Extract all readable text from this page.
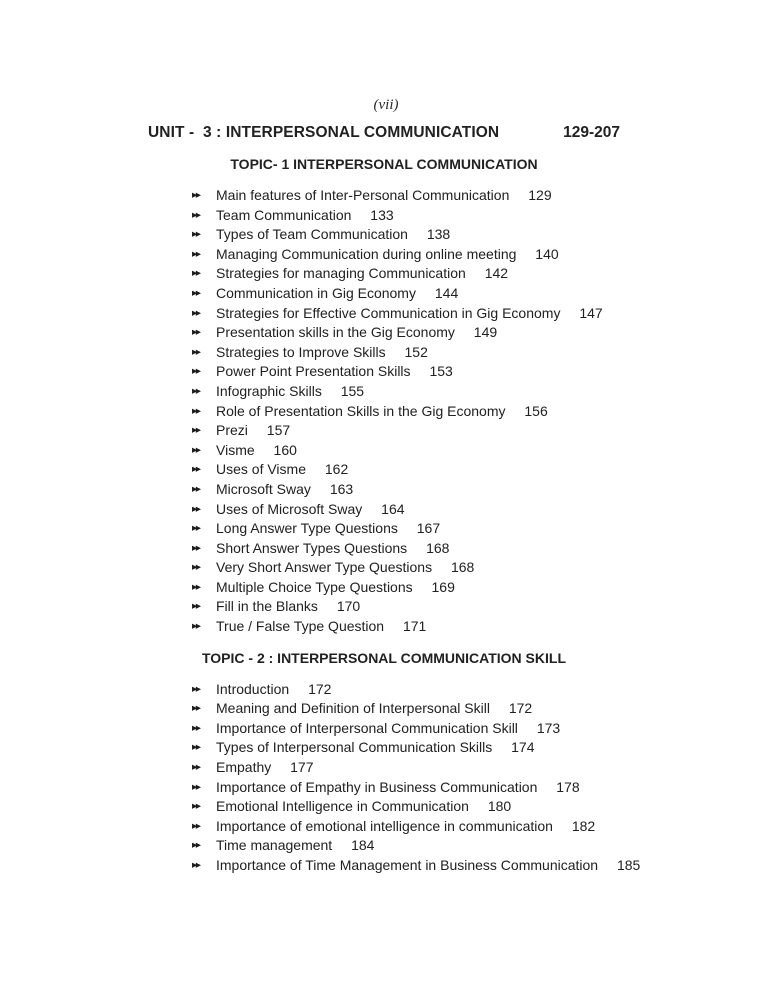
(vii)
UNIT -  3 : INTERPERSONAL COMMUNICATION	129-207
TOPIC- 1 INTERPERSONAL COMMUNICATION
▸▸ Main features of Inter-Personal Communication 129
▸▸ Team Communication 133
▸▸ Types of Team Communication 138
▸▸ Managing Communication during online meeting 140
▸▸ Strategies for managing Communication 142
▸▸ Communication in Gig Economy 144
▸▸ Strategies for Effective Communication in Gig Economy 147
▸▸ Presentation skills in the Gig Economy 149
▸▸ Strategies to Improve Skills 152
▸▸ Power Point Presentation Skills 153
▸▸ Infographic Skills 155
▸▸ Role of Presentation Skills in the Gig Economy 156
▸▸ Prezi 157
▸▸ Visme 160
▸▸ Uses of Visme 162
▸▸ Microsoft Sway 163
▸▸ Uses of Microsoft Sway 164
▸▸ Long Answer Type Questions 167
▸▸ Short Answer Types Questions 168
▸▸ Very Short Answer Type Questions 168
▸▸ Multiple Choice Type Questions 169
▸▸ Fill in the Blanks 170
▸▸ True / False Type Question 171
TOPIC - 2 : INTERPERSONAL COMMUNICATION SKILL
▸▸ Introduction 172
▸▸ Meaning and Definition of Interpersonal Skill 172
▸▸ Importance of Interpersonal Communication Skill 173
▸▸ Types of Interpersonal Communication Skills 174
▸▸ Empathy 177
▸▸ Importance of Empathy in Business Communication 178
▸▸ Emotional Intelligence in Communication 180
▸▸ Importance of emotional intelligence in communication 182
▸▸ Time management 184
▸▸ Importance of Time Management in Business Communication 185
